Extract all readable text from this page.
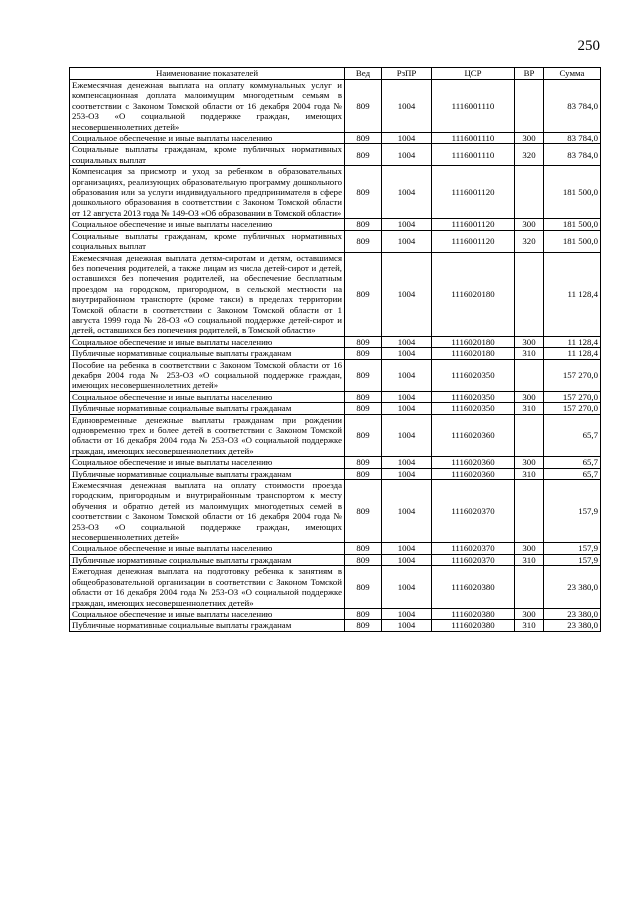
250
Наименование показателей	Вед	РзПР	ЦСР	ВР	Сумма
Ежемесячная денежная выплата на оплату коммунальных услуг и компенсационная доплата малоимущим многодетным семьям в соответствии с Законом Томской области от 16 декабря 2004 года № 253-ОЗ «О социальной поддержке граждан, имеющих несовершеннолетних детей»	809	1004	1116001110		83 784,0
Социальное обеспечение и иные выплаты населению	809	1004	1116001110	300	83 784,0
Социальные выплаты гражданам, кроме публичных нормативных социальных выплат	809	1004	1116001110	320	83 784,0
Компенсация за присмотр и уход за ребенком в образовательных организациях, реализующих образовательную программу дошкольного образования или за услуги индивидуального предпринимателя в сфере дошкольного образования в соответствии с Законом Томской области от 12 августа 2013 года № 149-ОЗ «Об образовании в Томской области»	809	1004	1116001120		181 500,0
Социальное обеспечение и иные выплаты населению	809	1004	1116001120	300	181 500,0
Социальные выплаты гражданам, кроме публичных нормативных социальных выплат	809	1004	1116001120	320	181 500,0
Ежемесячная денежная выплата детям-сиротам и детям, оставшимся без попечения родителей, а также лицам из числа детей-сирот и детей, оставшихся без попечения родителей, на обеспечение бесплатным проездом на городском, пригородном, в сельской местности на внутрирайонном транспорте (кроме такси) в пределах территории Томской области в соответствии с Законом Томской области от 1 августа 1999 года № 28-ОЗ «О социальной поддержке детей-сирот и детей, оставшихся без попечения родителей, в Томской области»	809	1004	1116020180		11 128,4
Социальное обеспечение и иные выплаты населению	809	1004	1116020180	300	11 128,4
Публичные нормативные социальные выплаты гражданам	809	1004	1116020180	310	11 128,4
Пособие на ребенка в соответствии с Законом Томской области от 16 декабря 2004 года № 253-ОЗ «О социальной поддержке граждан, имеющих несовершеннолетних детей»	809	1004	1116020350		157 270,0
Социальное обеспечение и иные выплаты населению	809	1004	1116020350	300	157 270,0
Публичные нормативные социальные выплаты гражданам	809	1004	1116020350	310	157 270,0
Единовременные денежные выплаты гражданам при рождении одновременно трех и более детей в соответствии с Законом Томской области от 16 декабря 2004 года № 253-ОЗ «О социальной поддержке граждан, имеющих несовершеннолетних детей»	809	1004	1116020360		65,7
Социальное обеспечение и иные выплаты населению	809	1004	1116020360	300	65,7
Публичные нормативные социальные выплаты гражданам	809	1004	1116020360	310	65,7
Ежемесячная денежная выплата на оплату стоимости проезда городским, пригородным и внутрирайонным транспортом к месту обучения и обратно детей из малоимущих многодетных семей в соответствии с Законом Томской области от 16 декабря 2004 года № 253-ОЗ «О социальной поддержке граждан, имеющих несовершеннолетних детей»	809	1004	1116020370		157,9
Социальное обеспечение и иные выплаты населению	809	1004	1116020370	300	157,9
Публичные нормативные социальные выплаты гражданам	809	1004	1116020370	310	157,9
Ежегодная денежная выплата на подготовку ребенка к занятиям в общеобразовательной организации в соответствии с Законом Томской области от 16 декабря 2004 года № 253-ОЗ «О социальной поддержке граждан, имеющих несовершеннолетних детей»	809	1004	1116020380		23 380,0
Социальное обеспечение и иные выплаты населению	809	1004	1116020380	300	23 380,0
Публичные нормативные социальные выплаты гражданам	809	1004	1116020380	310	23 380,0
